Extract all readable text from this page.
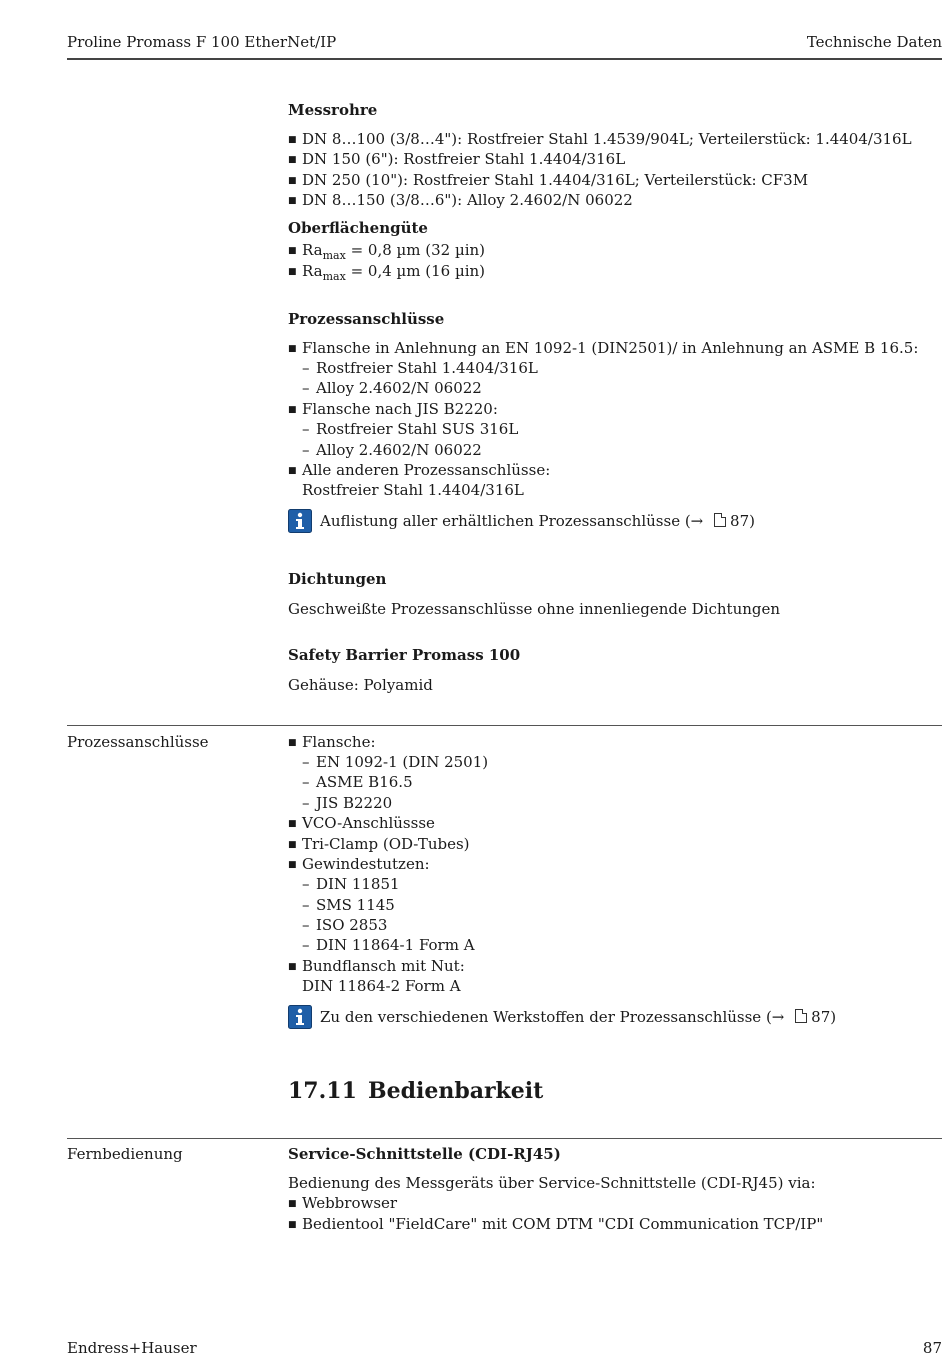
Proline Promass F 100 EtherNet/IP	Technische Daten
Messrohre
■ DN 8…100 (3/8…4"): Rostfreier Stahl 1.4539/904L; Verteilerstück: 1.4404/316L
■ DN 150 (6"): Rostfreier Stahl 1.4404/316L
■ DN 250 (10"): Rostfreier Stahl 1.4404/316L; Verteilerstück: CF3M
■ DN 8…150 (3/8…6"): Alloy 2.4602/N 06022
Oberflächengüte
■ $Ra_{max} = 0,8$ µm (32 µin)
■ $Ra_{max} = 0,4$ µm (16 µin)
Prozessanschlüsse
■ Flansche in Anlehnung an EN 1092-1 (DIN2501)/ in Anlehnung an ASME B 16.5:
– Rostfreier Stahl 1.4404/316L
– Alloy 2.4602/N 06022
■ Flansche nach JIS B2220:
– Rostfreier Stahl SUS 316L
– Alloy 2.4602/N 06022
■ Alle anderen Prozessanschlüsse:
Rostfreier Stahl 1.4404/316L
Auflistung aller erhältlichen Prozessanschlüsse (→ 87)
Dichtungen
Geschweißte Prozessanschlüsse ohne innenliegende Dichtungen
Safety Barrier Promass 100
Gehäuse: Polyamid
Prozessanschlüsse
■	Flansche:
– EN 1092-1 (DIN 2501)
– ASME B16.5
– JIS B2220
■ VCO-Anschlüssse
■ Tri-Clamp (OD-Tubes)
■ Gewindestutzen:
– DIN 11851
– SMS 1145
– ISO 2853
– DIN 11864-1 Form A
■ Bundflansch mit Nut:
DIN 11864-2 Form A
Zu den verschiedenen Werkstoffen der Prozessanschlüsse (→ 87)
17.11 Bedienbarkeit
Fernbedienung	Service-Schnittstelle (CDI-RJ45)
Bedienung des Messgeräts über Service-Schnittstelle (CDI-RJ45) via:
■ Webbrowser
■ Bedientool "FieldCare" mit COM DTM "CDI Communication TCP/IP"
Endress+Hauser	87
